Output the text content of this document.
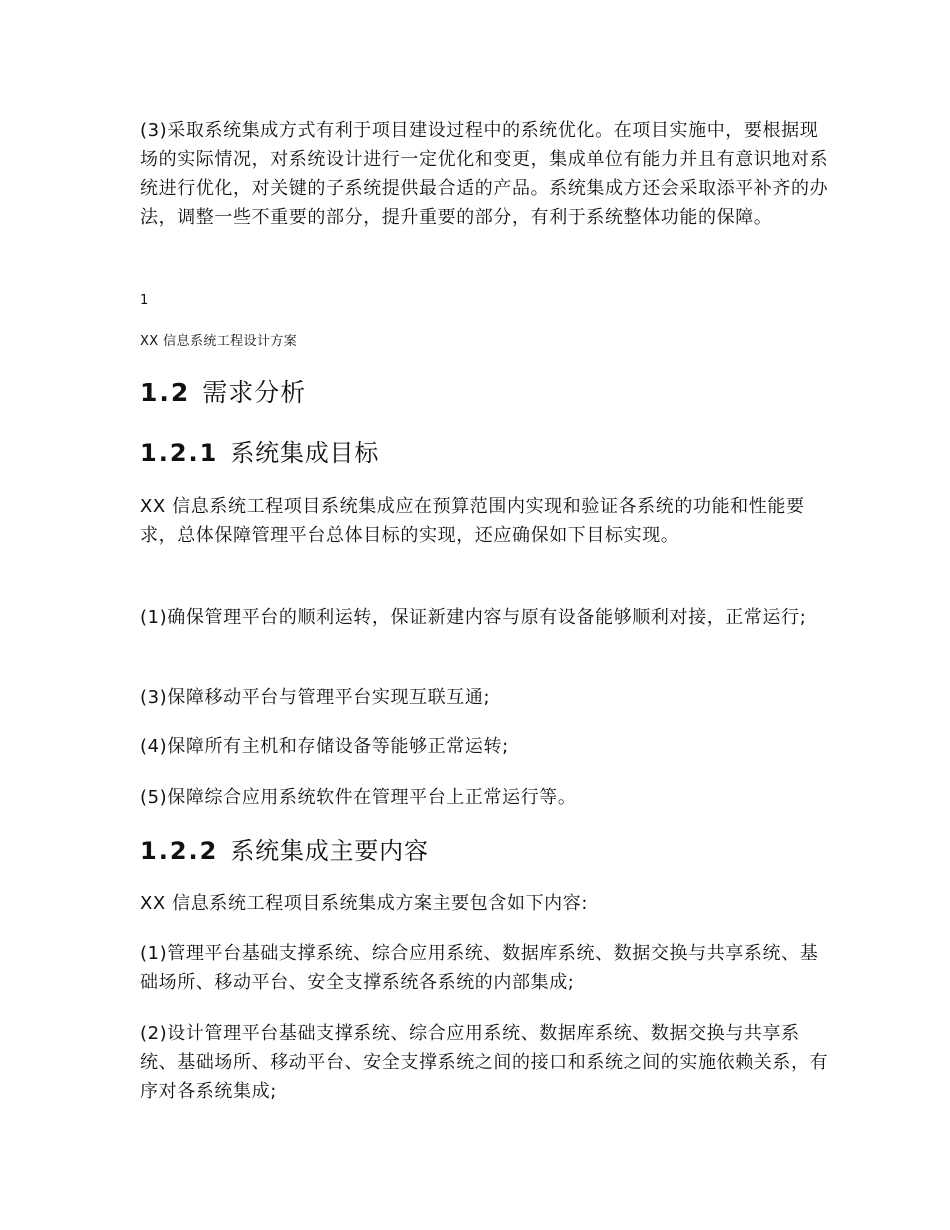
(3)采取系统集成方式有利于项目建设过程中的系统优化。在项目实施中，要根据现场的实际情况，对系统设计进行一定优化和变更，集成单位有能力并且有意识地对系统进行优化，对关键的子系统提供最合适的产品。系统集成方还会采取添平补齐的办法，调整一些不重要的部分，提升重要的部分，有利于系统整体功能的保障。

1
XX 信息系统工程设计方案
1.2 需求分析
1.2.1 系统集成目标

XX 信息系统工程项目系统集成应在预算范围内实现和验证各系统的功能和性能要求，总体保障管理平台总体目标的实现，还应确保如下目标实现。

(1)确保管理平台的顺利运转，保证新建内容与原有设备能够顺利对接，正常运行;

(3)保障移动平台与管理平台实现互联互通;

(4)保障所有主机和存储设备等能够正常运转;

(5)保障综合应用系统软件在管理平台上正常运行等。

1.2.2 系统集成主要内容

XX 信息系统工程项目系统集成方案主要包含如下内容:

(1)管理平台基础支撑系统、综合应用系统、数据库系统、数据交换与共享系统、基础场所、移动平台、安全支撑系统各系统的内部集成;

(2)设计管理平台基础支撑系统、综合应用系统、数据库系统、数据交换与共享系统、基础场所、移动平台、安全支撑系统之间的接口和系统之间的实施依赖关系，有序对各系统集成;
